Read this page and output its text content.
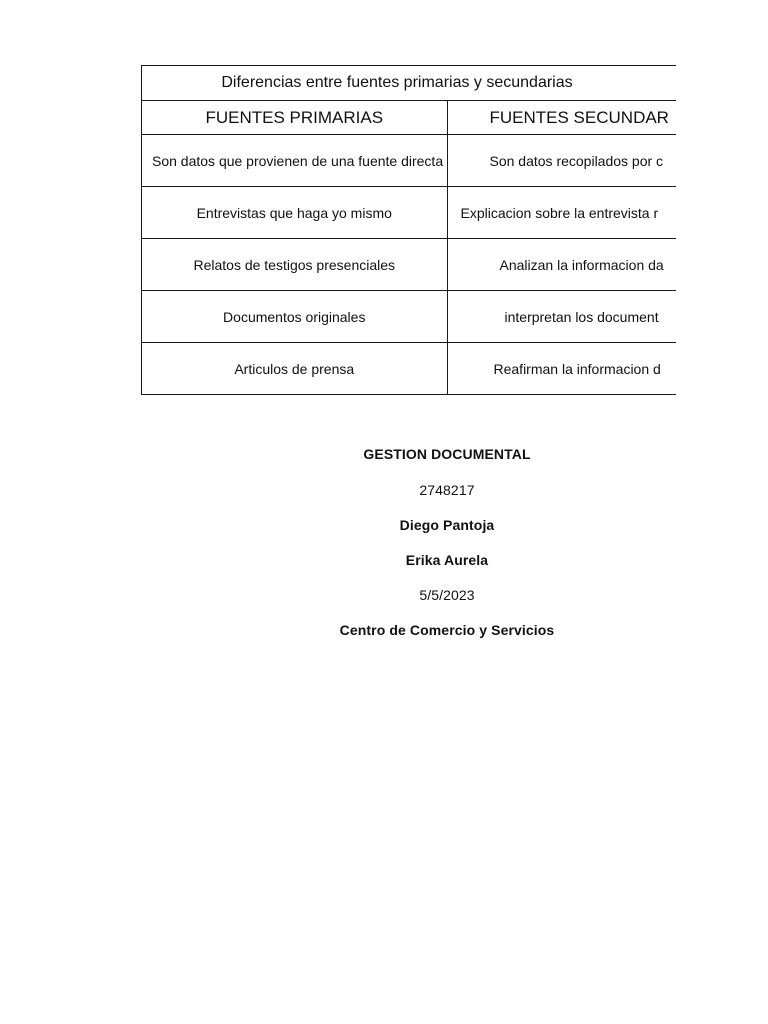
Diferencias entre fuentes primarias y secundarias	
FUENTES PRIMARIAS	FUENTES SECUNDAR
Son datos que provienen de una fuente directa	Son datos recopilados por c
Entrevistas que haga yo mismo	Explicacion sobre la entrevista r
Relatos de testigos presenciales	Analizan la informacion da
Documentos originales	interpretan los document
Articulos de prensa	Reafirman la informacion d
GESTION DOCUMENTAL
2748217
Diego Pantoja
Erika Aurela
5/5/2023
Centro de Comercio y Servicios
